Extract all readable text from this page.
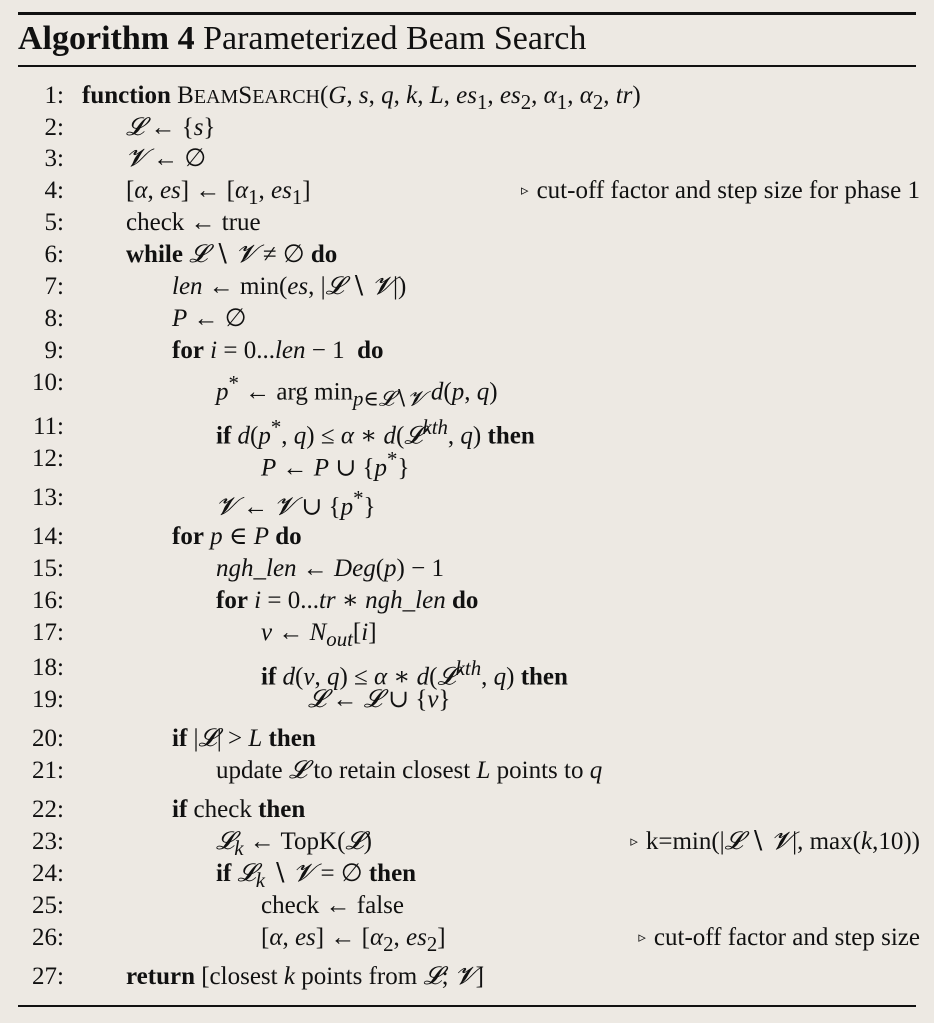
Algorithm 4 Parameterized Beam Search
1: function BEAMSEARCH(G, s, q, k, L, $es_1$, $es_2$, $\alpha_1$, $\alpha_2$, tr)
2: 𝓛 ← {s}
3: 𝓥 ← ∅
4: [α, es] ← [$\alpha_1$, $es_1$]	▹ cut-off factor and step size for phase 1
5: check ← true
6: while 𝓛 ∖ 𝓥 ≠ ∅ do
7:	len ← min(es, |𝓛 ∖ 𝓥|)
8:	P ← ∅
9:	for i = 0...len − 1  do
10:	p* ← arg $\min_{p\in 𝓛∖𝓥} d(p$, q)
11:	if d(p*, q) ≤ α ∗ d(𝓛$^{kth}$, q) then
12:	P ← P ∪ {p*}
13:	𝓥 ← 𝓥 ∪ {p*}
14:	for p ∈ P do
15:	ngh_len ← Deg(p) − 1
16:	for i = 0...tr ∗ ngh_len do
17:	v ← $N_{out}[i]$
18:	if d(v, q) ≤ α ∗ d(𝓛$^{kth}$, q) then
19:	𝓛 ← 𝓛 ∪ {v}
20:	if |𝓛| > L then
21:	update 𝓛 to retain closest L points to q
22:	if check then
23:	𝓛$_k$ ← TopK(𝓛)	▹ k=min(|𝓛 ∖ 𝓥|, max(k,10))
24:	if 𝓛$_k$ ∖ 𝓥 = ∅ then
25:	check ← false
26:	[α, es] ← [$\alpha_2$, $es_2$]	▹ cut-off factor and step size
27: return [closest k points from 𝓛; 𝓥]
